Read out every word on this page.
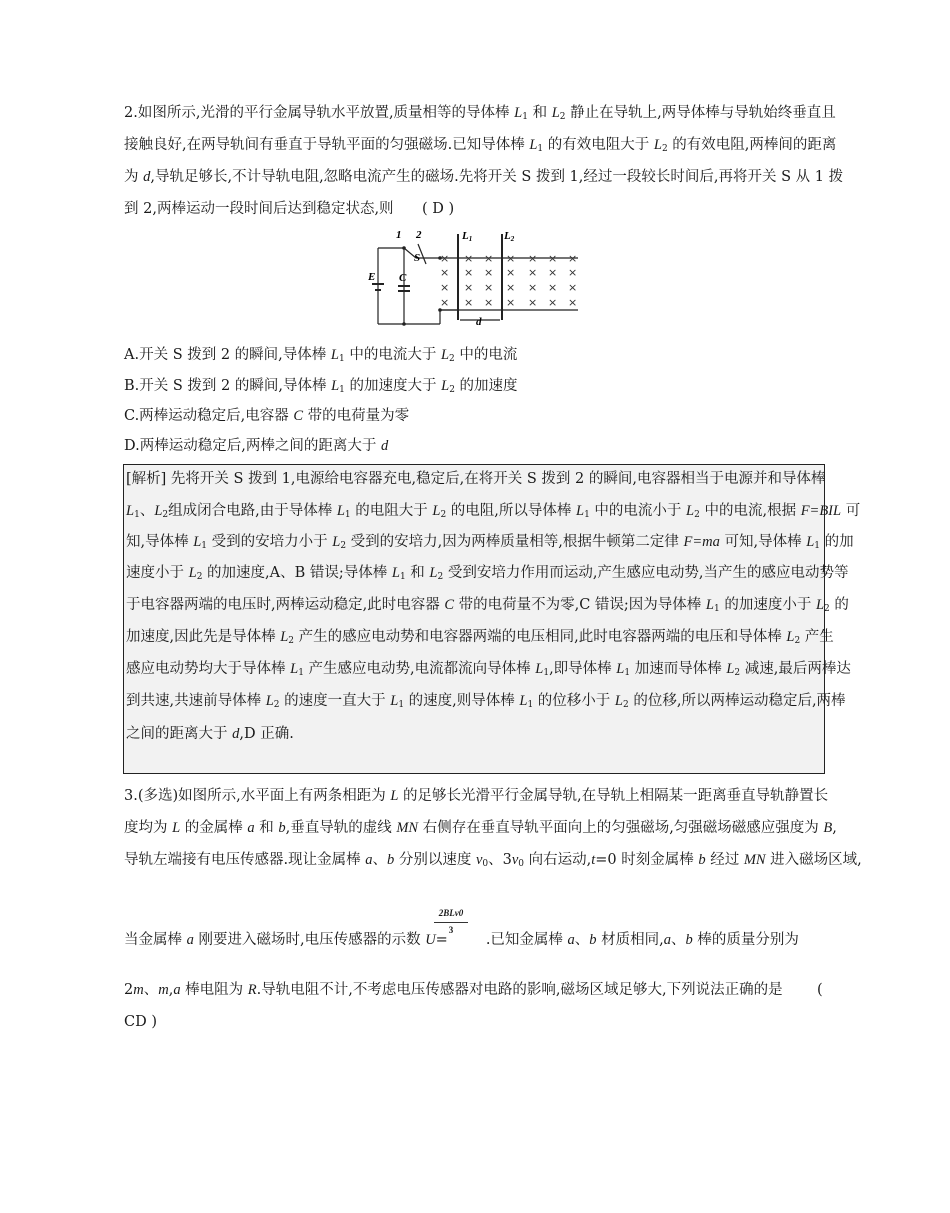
2.如图所示,光滑的平行金属导轨水平放置,质量相等的导体棒 $L_1$ 和 $L_2$ 静止在导轨上,两导体棒与导轨始终垂直且
接触良好,在两导轨间有垂直于导轨平面的匀强磁场.已知导体棒 $L_1$ 的有效电阻大于 $L_2$ 的有效电阻,两棒间的距离
为 d,导轨足够长,不计导轨电阻,忽略电流产生的磁场.先将开关 S 拨到 1,经过一段较长时间后,再将开关 S 从 1 拨
到 2,两棒运动一段时间后达到稳定状态,则 ( D )
1 2
S
E C
L1	L2
d
×
×
×
×
×
×
×
×
×
×
×
×
×
×
×
×
×
×
×
×
×
×
×
×
×
×
×
×
A.开关 S 拨到 2 的瞬间,导体棒 $L_1$ 中的电流大于 $L_2$ 中的电流
B.开关 S 拨到 2 的瞬间,导体棒 $L_1$ 的加速度大于 $L_2$ 的加速度
C.两棒运动稳定后,电容器 C 带的电荷量为零
D.两棒运动稳定后,两棒之间的距离大于 d
[解析] 先将开关 S 拨到 1,电源给电容器充电,稳定后,在将开关 S 拨到 2 的瞬间,电容器相当于电源并和导体棒
$L_1$、$L_2$组成闭合电路,由于导体棒 $L_1$ 的电阻大于 $L_2$ 的电阻,所以导体棒 $L_1$ 中的电流小于 $L_2$ 中的电流,根据 F=BIL 可
知,导体棒 $L_1$ 受到的安培力小于 $L_2$ 受到的安培力,因为两棒质量相等,根据牛顿第二定律 F=ma 可知,导体棒 $L_1$ 的加
速度小于 $L_2$ 的加速度,A、B 错误;导体棒 $L_1$ 和 $L_2$ 受到安培力作用而运动,产生感应电动势,当产生的感应电动势等
于电容器两端的电压时,两棒运动稳定,此时电容器 C 带的电荷量不为零,C 错误;因为导体棒 $L_1$ 的加速度小于 $L_2$ 的
加速度,因此先是导体棒 $L_2$ 产生的感应电动势和电容器两端的电压相同,此时电容器两端的电压和导体棒 $L_2$ 产生
感应电动势均大于导体棒 $L_1$ 产生感应电动势,电流都流向导体棒 $L_1$,即导体棒 $L_1$ 加速而导体棒 $L_2$ 减速,最后两棒达
到共速,共速前导体棒 $L_2$ 的速度一直大于 $L_1$ 的速度,则导体棒 $L_1$ 的位移小于 $L_2$ 的位移,所以两棒运动稳定后,两棒
之间的距离大于 d,D 正确.
3.(多选)如图所示,水平面上有两条相距为 L 的足够长光滑平行金属导轨,在导轨上相隔某一距离垂直导轨静置长
度均为 L 的金属棒 a 和 b,垂直导轨的虚线 MN 右侧存在垂直导轨平面向上的匀强磁场,匀强磁场磁感应强度为 B,
导轨左端接有电压传感器.现让金属棒 a、b 分别以速度 $v_0$、$3v_0$ 向右运动,t=0 时刻金属棒 b 经过 MN 进入磁场区域,
当金属棒 a 刚要进入磁场时,电压传感器的示数 U=	.已知金属棒 a、b 材质相同,a、b 棒的质量分别为
2BLv0
3
2m、m,a 棒电阻为 R.导轨电阻不计,不考虑电压传感器对电路的影响,磁场区域足够大,下列说法正确的是 (
CD )
